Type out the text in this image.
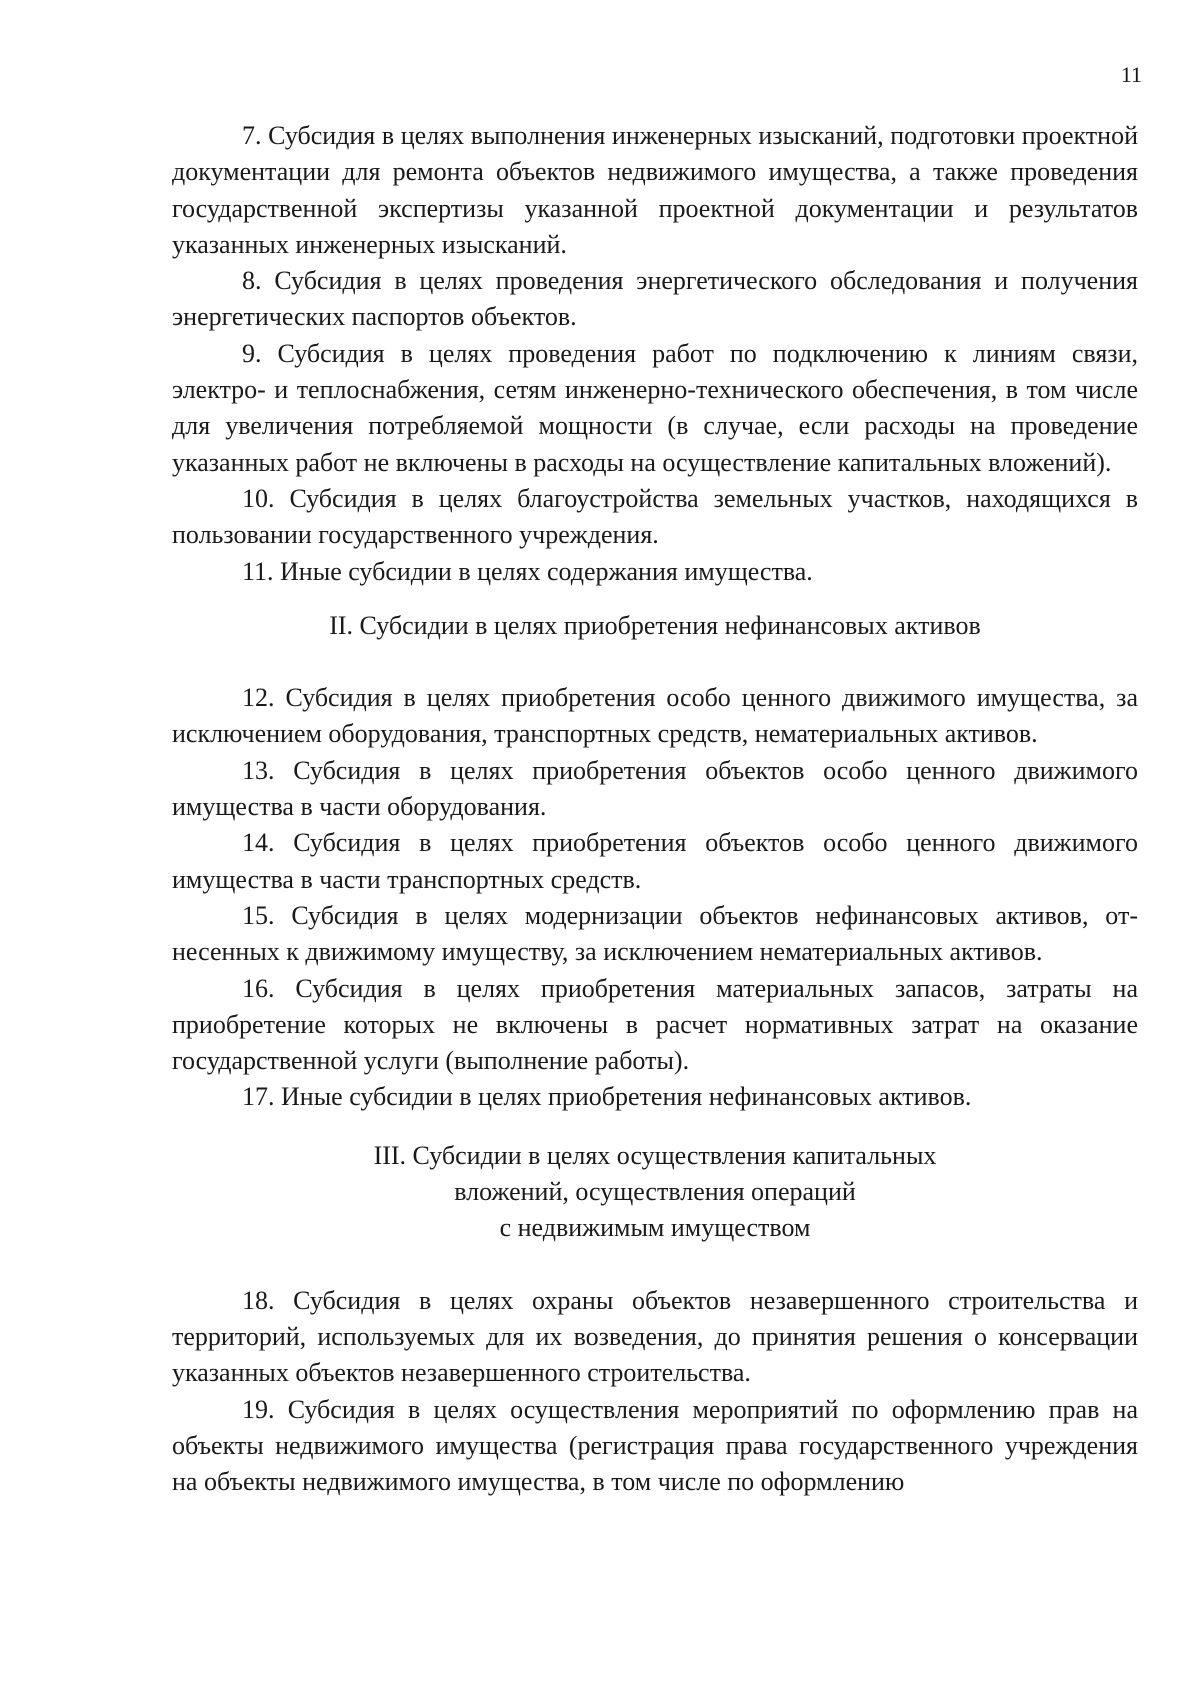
11

7. Субсидия в целях выполнения инженерных изысканий, подготовки проектной документации для ремонта объектов недвижимого имущества, а также проведения государственной экспертизы указанной проектной документации и результатов указанных инженерных изысканий.

8. Субсидия в целях проведения энергетического обследования и получения энергетических паспортов объектов.

9. Субсидия в целях проведения работ по подключению к линиям связи, электро- и теплоснабжения, сетям инженерно-технического обеспечения, в том числе для увеличения потребляемой мощности (в случае, если расходы на проведение указанных работ не включены в расходы на осуществление капитальных вложений).

10. Субсидия в целях благоустройства земельных участков, находящихся в пользовании государственного учреждения.

11. Иные субсидии в целях содержания имущества.

II. Субсидии в целях приобретения нефинансовых активов

12. Субсидия в целях приобретения особо ценного движимого имущества, за исключением оборудования, транспортных средств, нематериальных активов.

13. Субсидия в целях приобретения объектов особо ценного движимого имущества в части оборудования.

14. Субсидия в целях приобретения объектов особо ценного движимого имущества в части транспортных средств.

15. Субсидия в целях модернизации объектов нефинансовых активов, отнесенных к движимому имуществу, за исключением нематериальных активов.

16. Субсидия в целях приобретения материальных запасов, затраты на приобретение которых не включены в расчет нормативных затрат на оказание государственной услуги (выполнение работы).

17. Иные субсидии в целях приобретения нефинансовых активов.

III. Субсидии в целях осуществления капитальных
вложений, осуществления операций
с недвижимым имуществом

18. Субсидия в целях охраны объектов незавершенного строительства и территорий, используемых для их возведения, до принятия решения о консервации указанных объектов незавершенного строительства.

19. Субсидия в целях осуществления мероприятий по оформлению прав на объекты недвижимого имущества (регистрация права государственного учреждения на объекты недвижимого имущества, в том числе по оформлению
